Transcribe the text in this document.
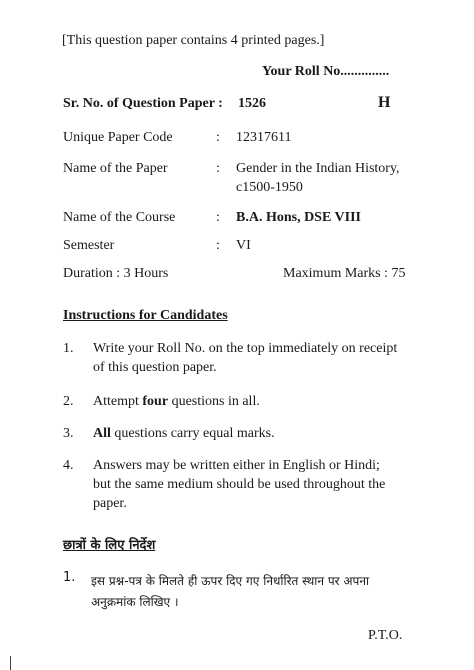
[This question paper contains 4 printed pages.]
Your Roll No..............
Sr. No. of Question Paper : 1526	H
Unique Paper Code	: 12317611
Name of the Paper	: Gender in the Indian History,
c1500-1950
Name of the Course	: B.A. Hons, DSE VIII
Semester	: VI
Duration : 3 Hours	Maximum Marks : 75
Instructions for Candidates
1. Write your Roll No. on the top immediately on receipt
of this question paper.
2. Attempt four questions in all.
3. All questions carry equal marks.
4. Answers may be written either in English or Hindi;
but the same medium should be used throughout the
paper.
छात्रों के लिए निर्देश
1. इस प्रश्न-पत्र के मिलते ही ऊपर दिए गए निर्धारित स्थान पर अपना
अनुक्रमांक लिखिए ।
P.T.O.
